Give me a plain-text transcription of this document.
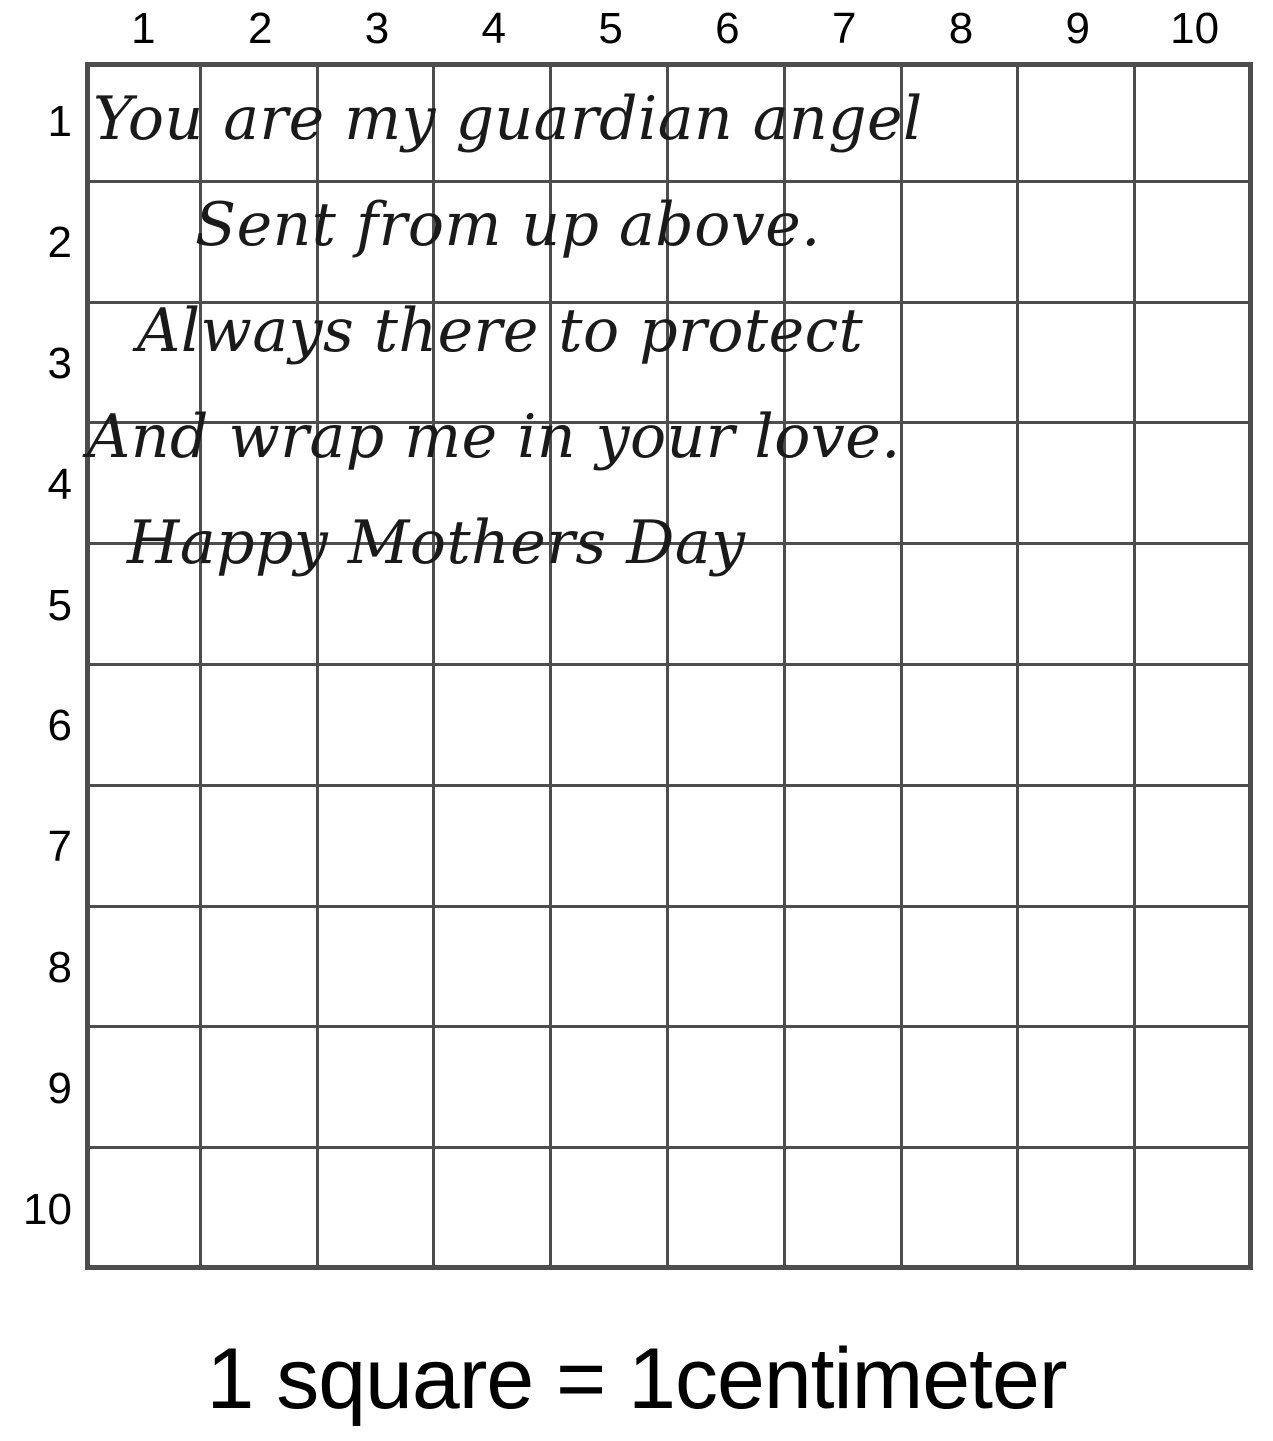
1	2	3	4	5	6	7	8	9	10
1
2
3
4
5
6
7
8
9
10
You are my guardian angel
Sent from up above.
Always there to protect
And wrap me in your love.
Happy Mothers Day
1 square = 1centimeter
